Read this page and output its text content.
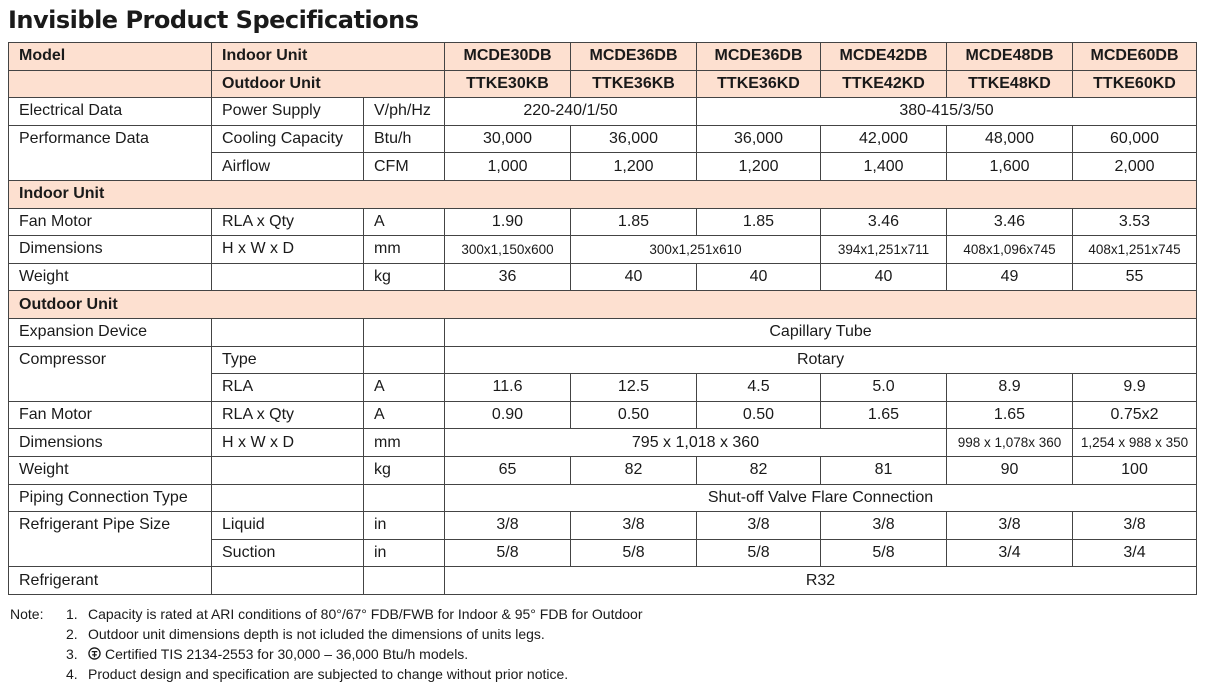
Invisible Product Specifications
Model	Indoor Unit		MCDE30DB	MCDE36DB	MCDE36DB	MCDE42DB	MCDE48DB	MCDE60DB
	Outdoor Unit		TTKE30KB	TTKE36KB	TTKE36KD	TTKE42KD	TTKE48KD	TTKE60KD
Electrical Data	Power Supply	V/ph/Hz	220-240/1/50		380-415/3/50			
Performance Data	Cooling Capacity	Btu/h	30,000	36,000	36,000	42,000	48,000	60,000
	Airflow	CFM	1,000	1,200	1,200	1,400	1,600	2,000
Indoor Unit								
Fan Motor	RLA x Qty	A	1.90	1.85	1.85	3.46	3.46	3.53
Dimensions	H x W x D	mm	300x1,150x600	300x1,251x610		394x1,251x711	408x1,096x745	408x1,251x745
Weight		kg	36	40	40	40	49	55
Outdoor Unit								
Expansion Device			Capillary Tube					
Compressor	Type		Rotary					
	RLA	A	11.6	12.5	4.5	5.0	8.9	9.9
Fan Motor	RLA x Qty	A	0.90	0.50	0.50	1.65	1.65	0.75x2
Dimensions	H x W x D	mm	795 x 1,018 x 360				998 x 1,078x 360	1,254 x 988 x 350
Weight		kg	65	82	82	81	90	100
Piping Connection Type			Shut-off Valve Flare Connection					
Refrigerant Pipe Size	Liquid	in	3/8	3/8	3/8	3/8	3/8	3/8
	Suction	in	5/8	5/8	5/8	5/8	3/4	3/4
Refrigerant			R32					
Note: 1. Capacity is rated at ARI conditions of 80°/67° FDB/FWB for Indoor & 95° FDB for Outdoor
2. Outdoor unit dimensions depth is not icluded the dimensions of units legs.
3. Certified TIS 2134-2553 for 30,000 – 36,000 Btu/h models.
4. Product design and specification are subjected to change without prior notice.
